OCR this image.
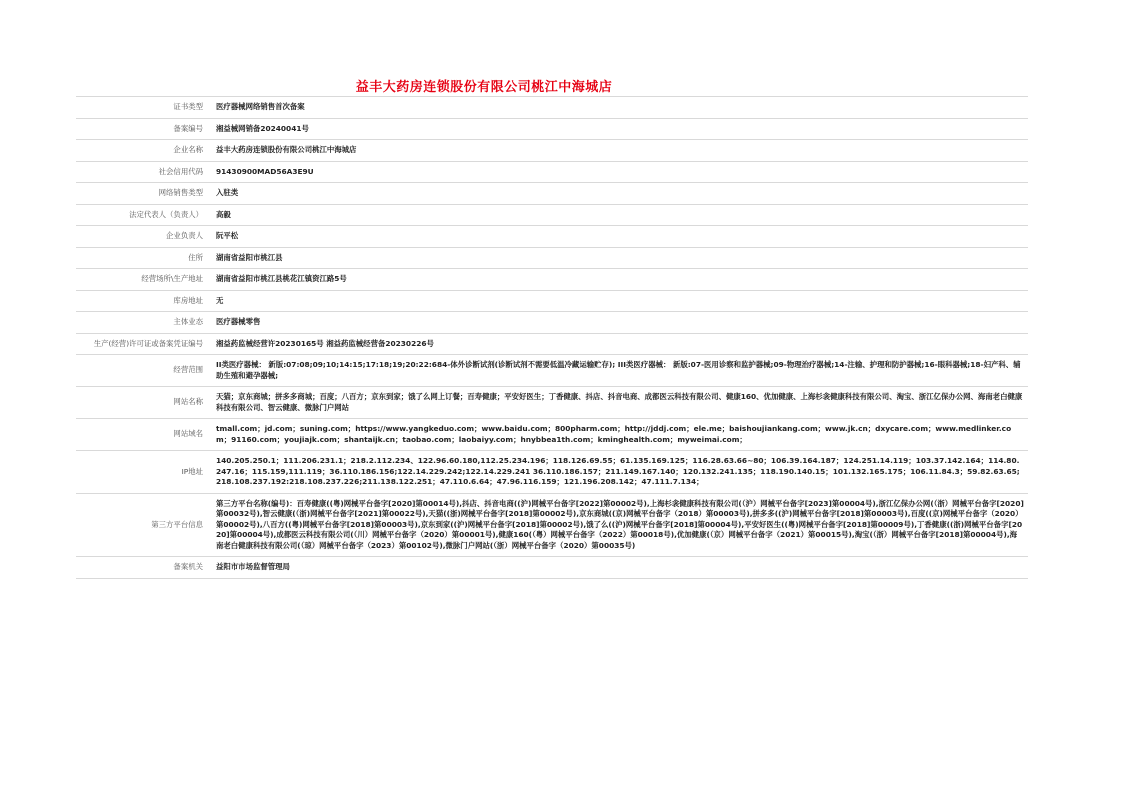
益丰大药房连锁股份有限公司桃江中海城店
证书类型	医疗器械网络销售首次备案
备案编号	湘益械网销备20240041号
企业名称	益丰大药房连锁股份有限公司桃江中海城店
社会信用代码	91430900MAD56A3E9U
网络销售类型	入驻类
法定代表人（负责人）	高毅
企业负责人	阮平松
住所	湖南省益阳市桃江县
经营场所\生产地址	湖南省益阳市桃江县桃花江镇资江路5号
库房地址	无
主体业态	医疗器械零售
生产(经营)许可证或备案凭证编号	湘益药监械经营许20230165号 湘益药监械经营备20230226号
经营范围	II类医疗器械： 新版:07:08;09;10;14:15;17:18;19;20:22:684-体外诊断试剂(诊断试剂不需要低温冷藏运输贮存); III类医疗器械： 新版:07-医用诊察和监护器械;09-物理治疗器械;14-注输、护理和防护器械;16-眼科器械;18-妇产科、辅助生殖和避孕器械;
网站名称	天猫；京东商城；拼多多商城；百度；八百方；京东到家；饿了么网上订餐；百寿健康；平安好医生；丁香健康、抖店、抖音电商、成都医云科技有限公司、健康160、优加健康、上海杉衾健康科技有限公司、淘宝、浙江亿保办公网、海南老白健康科技有限公司、智云健康、微脉门户网站
网站域名	tmall.com；jd.com；suning.com；https://www.yangkeduo.com；www.baidu.com；800pharm.com；http://jddj.com；ele.me；baishoujiankang.com；www.jk.cn；dxycare.com；www.medlinker.com；91160.com；youjiajk.com；shantaijk.cn；taobao.com；laobaiyy.com；hnybbea1th.com；kminghealth.com；myweimai.com；
IP地址	140.205.250.1；111.206.231.1；218.2.112.234、122.96.60.180,112.25.234.196；118.126.69.55；61.135.169.125；116.28.63.66~80；106.39.164.187；124.251.14.119；103.37.142.164；114.80.247.16；115.159,111.119；36.110.186.156;122.14.229.242;122.14.229.241 36.110.186.157；211.149.167.140；120.132.241.135；118.190.140.15；101.132.165.175；106.11.84.3；59.82.63.65;218.108.237.192:218.108.237.226;211.138.122.251；47.110.6.64；47.96.116.159；121.196.208.142；47.111.7.134；
第三方平台信息	第三方平台名称(编号)：百寿健康((粤)网械平台备字[2020]第00014号),抖店、抖音电商((沪)网械平台备字[2022]第00002号),上海杉衾健康科技有限公司(（沪）网械平台备字[2023]第00004号),浙江亿保办公网(（浙）网械平台备字[2020]第00032号),智云健康(（浙)网械平台备字[2021]第00022号),天猫((浙)网械平台备字[2018]第00002号),京东商城((京)网械平台备字（2018）第00003号),拼多多((沪)网械平台备字[2018]第00003号),百度((京)网械平台备字（2020）第00002号),八百方((粤)网械平台备字[2018]第00003号),京东到家((沪)网械平台备字[2018]第00002号),饿了么((沪)网械平台备字[2018]第00004号),平安好医生((粤)网械平台备字[2018]第00009号),丁香健康((浙)网械平台备字[2020]第00004号),成都医云科技有限公司(（川）网械平台备字（2020）第00001号),健康160(（粤）网械平台备字（2022）第00018号),优加健康(（京）网械平台备字（2021）第00015号),淘宝(（浙）网械平台备字[2018]第00004号),海南老白健康科技有限公司(（琼）网械平台备字（2023）第00102号),微脉门户网站(（浙）网械平台备字（2020）第00035号)
备案机关	益阳市市场监督管理局
